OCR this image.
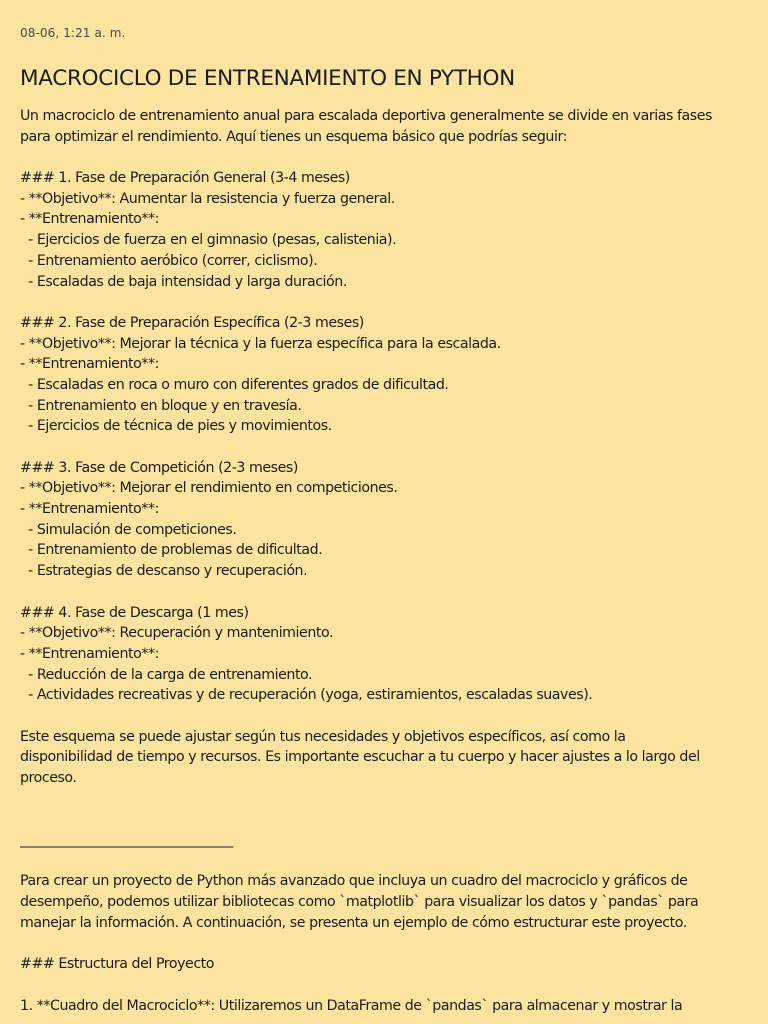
08-06, 1:21 a. m.
MACROCICLO DE ENTRENAMIENTO EN PYTHON
Un macrociclo de entrenamiento anual para escalada deportiva generalmente se divide en varias fases
para optimizar el rendimiento. Aquí tienes un esquema básico que podrías seguir:
### 1. Fase de Preparación General (3-4 meses)
- **Objetivo**: Aumentar la resistencia y fuerza general.
- **Entrenamiento**:
- Ejercicios de fuerza en el gimnasio (pesas, calistenia).
- Entrenamiento aeróbico (correr, ciclismo).
- Escaladas de baja intensidad y larga duración.
### 2. Fase de Preparación Específica (2-3 meses)
- **Objetivo**: Mejorar la técnica y la fuerza específica para la escalada.
- **Entrenamiento**:
- Escaladas en roca o muro con diferentes grados de dificultad.
- Entrenamiento en bloque y en travesía.
- Ejercicios de técnica de pies y movimientos.
### 3. Fase de Competición (2-3 meses)
- **Objetivo**: Mejorar el rendimiento en competiciones.
- **Entrenamiento**:
- Simulación de competiciones.
- Entrenamiento de problemas de dificultad.
- Estrategias de descanso y recuperación.
### 4. Fase de Descarga (1 mes)
- **Objetivo**: Recuperación y mantenimiento.
- **Entrenamiento**:
- Reducción de la carga de entrenamiento.
- Actividades recreativas y de recuperación (yoga, estiramientos, escaladas suaves).
Este esquema se puede ajustar según tus necesidades y objetivos específicos, así como la
disponibilidad de tiempo y recursos. Es importante escuchar a tu cuerpo y hacer ajustes a lo largo del
proceso.
________________________________
Para crear un proyecto de Python más avanzado que incluya un cuadro del macrociclo y gráficos de
desempeño, podemos utilizar bibliotecas como `matplotlib` para visualizar los datos y `pandas` para
manejar la información. A continuación, se presenta un ejemplo de cómo estructurar este proyecto.
### Estructura del Proyecto
1. **Cuadro del Macrociclo**: Utilizaremos un DataFrame de `pandas` para almacenar y mostrar la
